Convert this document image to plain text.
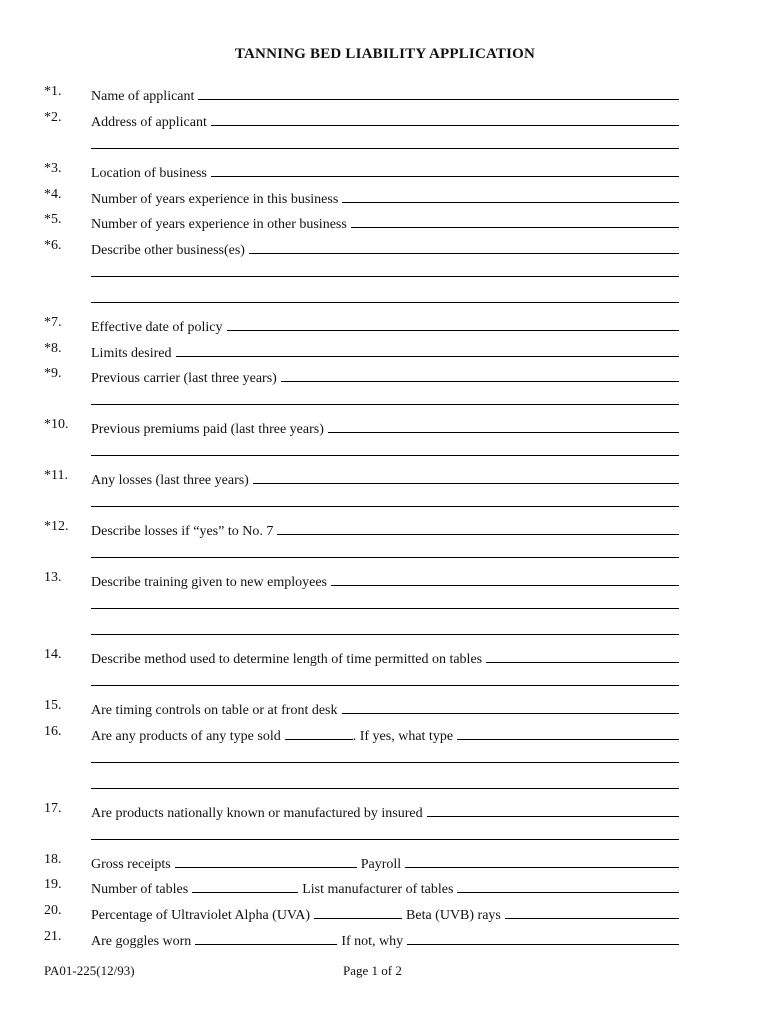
TANNING BED LIABILITY APPLICATION
*1. Name of applicant
*2. Address of applicant
*3. Location of business
*4. Number of years experience in this business
*5. Number of years experience in other business
*6. Describe other business(es)
*7. Effective date of policy
*8. Limits desired
*9. Previous carrier (last three years)
*10. Previous premiums paid (last three years)
*11. Any losses (last three years)
*12. Describe losses if “yes” to No. 7
13. Describe training given to new employees
14. Describe method used to determine length of time permitted on tables
15. Are timing controls on table or at front desk
16. Are any products of any type sold	. If yes, what type
17. Are products nationally known or manufactured by insured
18. Gross receipts	Payroll
19. Number of tables	List manufacturer of tables
20. Percentage of Ultraviolet Alpha (UVA)	Beta (UVB) rays
21. Are goggles worn	If not, why
PA01-225(12/93)	Page 1 of 2
